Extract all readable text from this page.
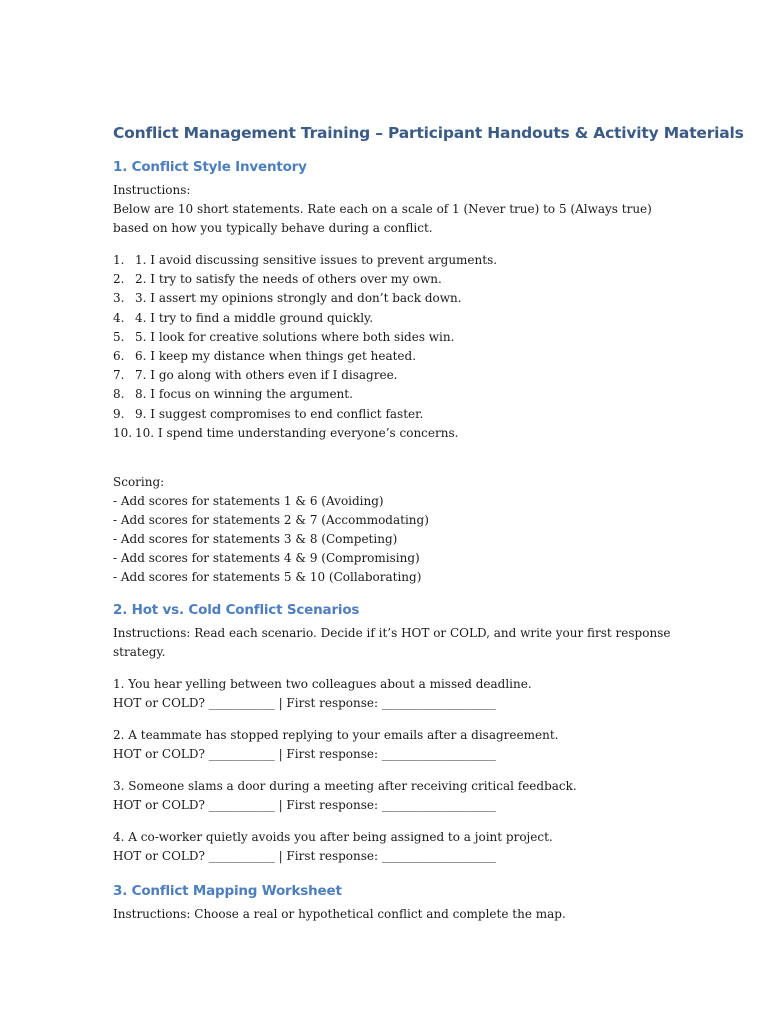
Conflict Management Training – Participant Handouts & Activity Materials
1. Conflict Style Inventory

Instructions:

Below are 10 short statements. Rate each on a scale of 1 (Never true) to 5 (Always true)

based on how you typically behave during a conflict.

1. 1. I avoid discussing sensitive issues to prevent arguments.
2. 2. I try to satisfy the needs of others over my own.
3. 3. I assert my opinions strongly and don’t back down.
4. 4. I try to find a middle ground quickly.
5. 5. I look for creative solutions where both sides win.
6. 6. I keep my distance when things get heated.
7. 7. I go along with others even if I disagree.
8. 8. I focus on winning the argument.
9. 9. I suggest compromises to end conflict faster.
10. 10. I spend time understanding everyone’s concerns.

Scoring:

- Add scores for statements 1 & 6 (Avoiding)

- Add scores for statements 2 & 7 (Accommodating)

- Add scores for statements 3 & 8 (Competing)

- Add scores for statements 4 & 9 (Compromising)

- Add scores for statements 5 & 10 (Collaborating)

2. Hot vs. Cold Conflict Scenarios

Instructions: Read each scenario. Decide if it’s HOT or COLD, and write your first response

strategy.

1. You hear yelling between two colleagues about a missed deadline.

HOT or COLD? ___________ | First response: ___________________

2. A teammate has stopped replying to your emails after a disagreement.

HOT or COLD? ___________ | First response: ___________________

3. Someone slams a door during a meeting after receiving critical feedback.

HOT or COLD? ___________ | First response: ___________________

4. A co-worker quietly avoids you after being assigned to a joint project.

HOT or COLD? ___________ | First response: ___________________

3. Conflict Mapping Worksheet

Instructions: Choose a real or hypothetical conflict and complete the map.
